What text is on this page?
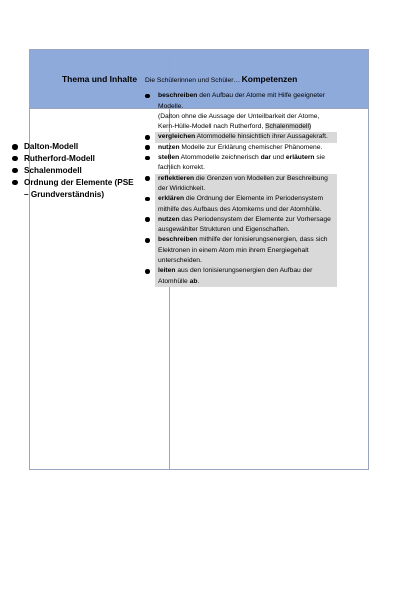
Thema und Inhalte	Kompetenzen
Dalton-Modell
Rutherford-Modell
Schalenmodell
Ordnung der Elemente (PSE – Grundverständnis)

Die Schülerinnen und Schüler…

beschreiben den Aufbau der Atome mit Hilfe geeigneter Modelle.
(Dalton ohne die Aussage der Unteilbarkeit der Atome, Kern-Hülle-Modell nach Rutherford, Schalenmodell)
vergleichen Atommodelle hinsichtlich ihrer Aussagekraft.
nutzen Modelle zur Erklärung chemischer Phänomene.
stellen Atommodelle zeichnerisch dar und erläutern sie fachlich korrekt.
reflektieren die Grenzen von Modellen zur Beschreibung der Wirklichkeit.
erklären die Ordnung der Elemente im Periodensystem mithilfe des Aufbaus des Atomkerns und der Atomhülle.
nutzen das Periodensystem der Elemente zur Vorhersage ausgewählter Strukturen und Eigenschaften.
beschreiben mithilfe der Ionisierungsenergien, dass sich Elektronen in einem Atom min ihrem Energiegehalt unterscheiden.
leiten aus den Ionisierungsenergien den Aufbau der Atomhülle ab.
